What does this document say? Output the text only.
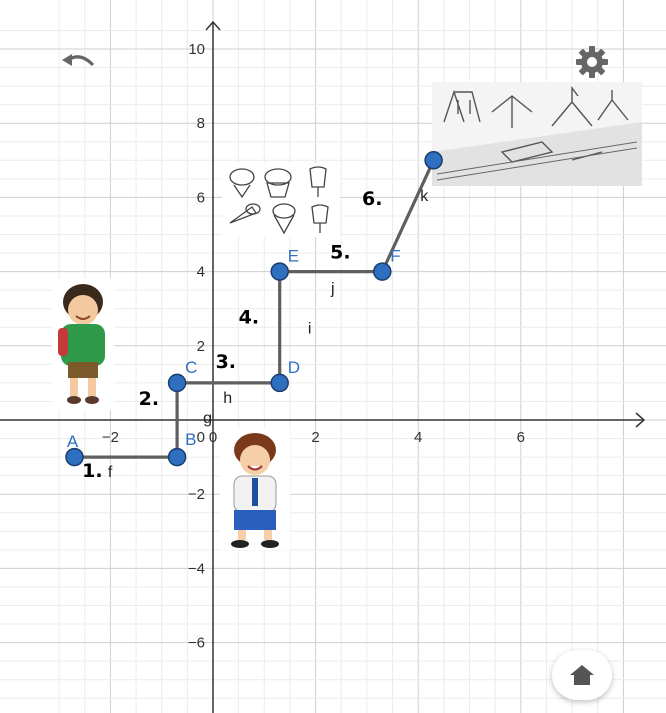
−2	0	2	4	6
−6
−4
−2
2
4
6
8
10
0
f
1.
g
2.	h
3.
i
4.
j
5.
k
6.
A	B
C	D
E	F
